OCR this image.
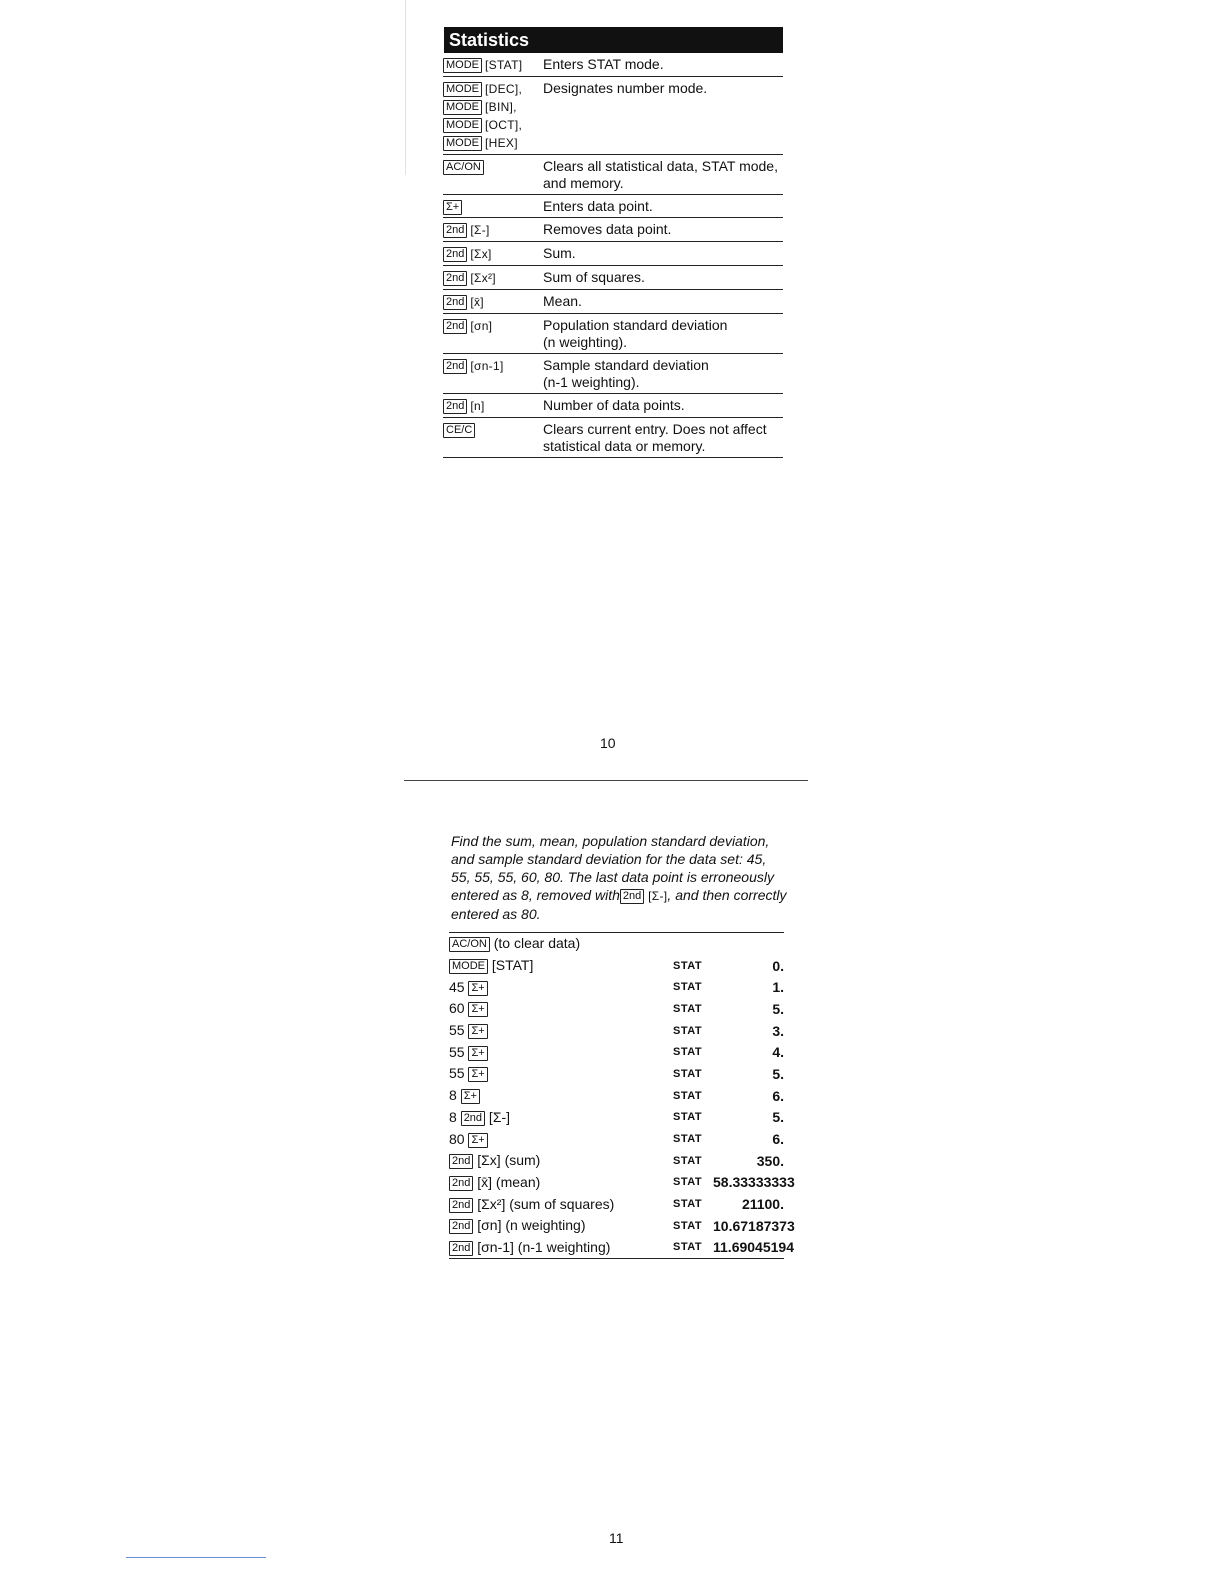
Statistics
MODE [STAT]	Enters STAT mode.
MODE [DEC],
MODE [BIN],
MODE [OCT],
MODE [HEX]
Designates number mode.
AC/ON	Clears all statistical data, STAT mode,
and memory.
Σ+	Enters data point.
2nd [Σ-]	Removes data point.
2nd [Σx]	Sum.
2nd [Σx²]	Sum of squares.
2nd [x̄]	Mean.
2nd [σn]	Population standard deviation
(n weighting).
2nd [σn-1]	Sample standard deviation
(n-1 weighting).
2nd [n]	Number of data points.
CE/C	Clears current entry. Does not affect
statistical data or memory.
10
Find the sum, mean, population standard deviation, and sample standard deviation for the data set: 45, 55, 55, 55, 60, 80. The last data point is erroneously entered as 8, removed with 2nd [Σ-], and then correctly entered as 80.
AC/ON (to clear data)
MODE [STAT]	STAT	0.
45 Σ+	STAT	1.
60 Σ+	STAT	5.
55 Σ+	STAT	3.
55 Σ+	STAT	4.
55 Σ+	STAT	5.
8 Σ+	STAT	6.
8 2nd [Σ-]	STAT	5.
80 Σ+	STAT	6.
2nd [Σx] (sum)	STAT	350.
2nd [x̄] (mean)	STAT 58.33333333
2nd [Σx²] (sum of squares)	STAT	21100.
2nd [σn] (n weighting)	STAT 10.67187373
2nd [σn-1] (n-1 weighting)	STAT 11.69045194
11
